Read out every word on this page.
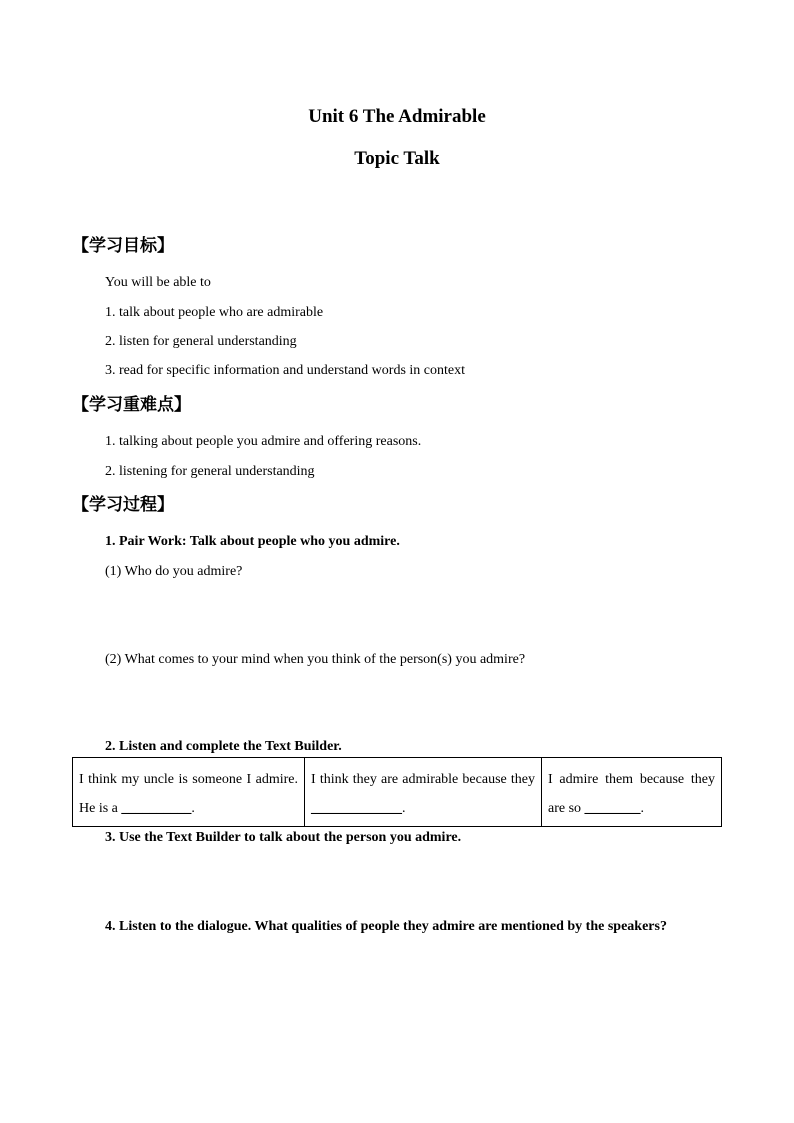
Unit 6 The Admirable
Topic Talk
【学习目标】
You will be able to
1. talk about people who are admirable
2. listen for general understanding
3. read for specific information and understand words in context
【学习重难点】
1. talking about people you admire and offering reasons.
2. listening for general understanding
【学习过程】
1. Pair Work: Talk about people who you admire.
(1) Who do you admire?
(2) What comes to your mind when you think of the person(s) you admire?
2. Listen and complete the Text Builder.
I think my uncle is someone I admire. He is a __________.	I think they are admirable because they _____________.	I admire them because they are so ________.
3. Use the Text Builder to talk about the person you admire.
4. Listen to the dialogue. What qualities of people they admire are mentioned by the speakers?
